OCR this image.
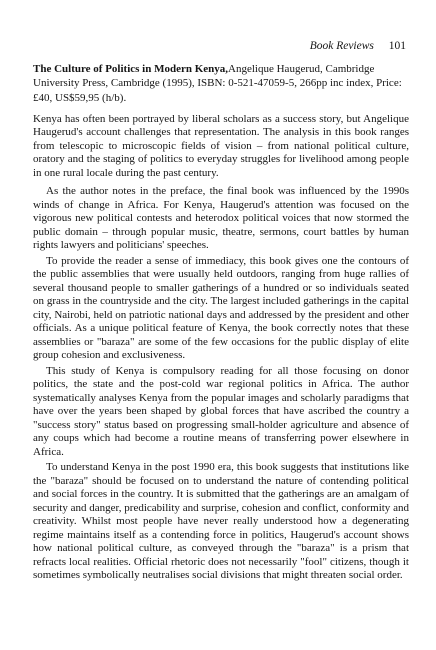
Book Reviews 101

The Culture of Politics in Modern Kenya,Angelique Haugerud, Cambridge University Press, Cambridge (1995), ISBN: 0-521-47059-5, 266pp inc index, Price: £40, US$59,95 (h/b).

Kenya has often been portrayed by liberal scholars as a success story, but Angelique Haugerud's account challenges that representation. The analysis in this book ranges from telescopic to microscopic fields of vision – from national political culture, oratory and the staging of politics to everyday struggles for livelihood among people in one rural locale during the past century.

As the author notes in the preface, the final book was influenced by the 1990s winds of change in Africa. For Kenya, Haugerud's attention was focused on the vigorous new political contests and heterodox political voices that now stormed the public domain – through popular music, theatre, sermons, court battles by human rights lawyers and politicians' speeches.

To provide the reader a sense of immediacy, this book gives one the contours of the public assemblies that were usually held outdoors, ranging from huge rallies of several thousand people to smaller gatherings of a hundred or so individuals seated on grass in the countryside and the city. The largest included gatherings in the capital city, Nairobi, held on patriotic national days and addressed by the president and other officials. As a unique political feature of Kenya, the book correctly notes that these assemblies or "baraza" are some of the few occasions for the public display of elite group cohesion and exclusiveness.

This study of Kenya is compulsory reading for all those focusing on donor politics, the state and the post-cold war regional politics in Africa. The author systematically analyses Kenya from the popular images and scholarly paradigms that have over the years been shaped by global forces that have ascribed the country a "success story" status based on progressing small-holder agriculture and absence of any coups which had become a routine means of transferring power elsewhere in Africa.

To understand Kenya in the post 1990 era, this book suggests that institutions like the "baraza" should be focused on to understand the nature of contending political and social forces in the country. It is submitted that the gatherings are an amalgam of security and danger, predicability and surprise, cohesion and conflict, conformity and creativity. Whilst most people have never really understood how a degenerating regime maintains itself as a contending force in politics, Haugerud's account shows how national political culture, as conveyed through the "baraza" is a prism that refracts local realities. Official rhetoric does not necessarily "fool" citizens, though it sometimes symbolically neutralises social divisions that might threaten social order.
